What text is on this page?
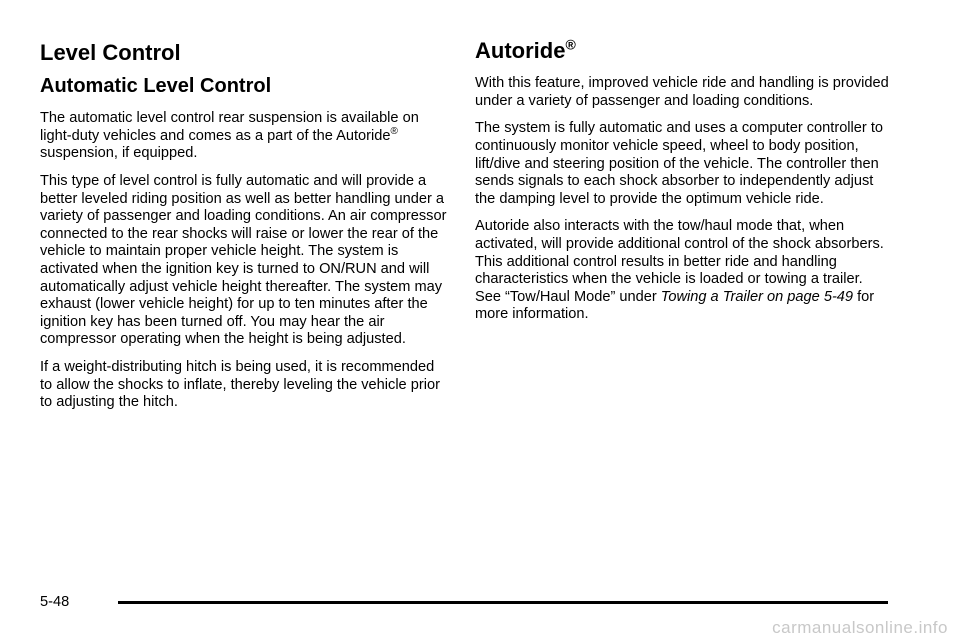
Level Control
Automatic Level Control

The automatic level control rear suspension is available on light-duty vehicles and comes as a part of the Autoride® suspension, if equipped.

This type of level control is fully automatic and will provide a better leveled riding position as well as better handling under a variety of passenger and loading conditions. An air compressor connected to the rear shocks will raise or lower the rear of the vehicle to maintain proper vehicle height. The system is activated when the ignition key is turned to ON/RUN and will automatically adjust vehicle height thereafter. The system may exhaust (lower vehicle height) for up to ten minutes after the ignition key has been turned off. You may hear the air compressor operating when the height is being adjusted.

If a weight-distributing hitch is being used, it is recommended to allow the shocks to inflate, thereby leveling the vehicle prior to adjusting the hitch.

Autoride®

With this feature, improved vehicle ride and handling is provided under a variety of passenger and loading conditions.

The system is fully automatic and uses a computer controller to continuously monitor vehicle speed, wheel to body position, lift/dive and steering position of the vehicle. The controller then sends signals to each shock absorber to independently adjust the damping level to provide the optimum vehicle ride.

Autoride also interacts with the tow/haul mode that, when activated, will provide additional control of the shock absorbers. This additional control results in better ride and handling characteristics when the vehicle is loaded or towing a trailer. See “Tow/Haul Mode” under Towing a Trailer on page 5‑49 for more information.

5-48
carmanualsonline.info
